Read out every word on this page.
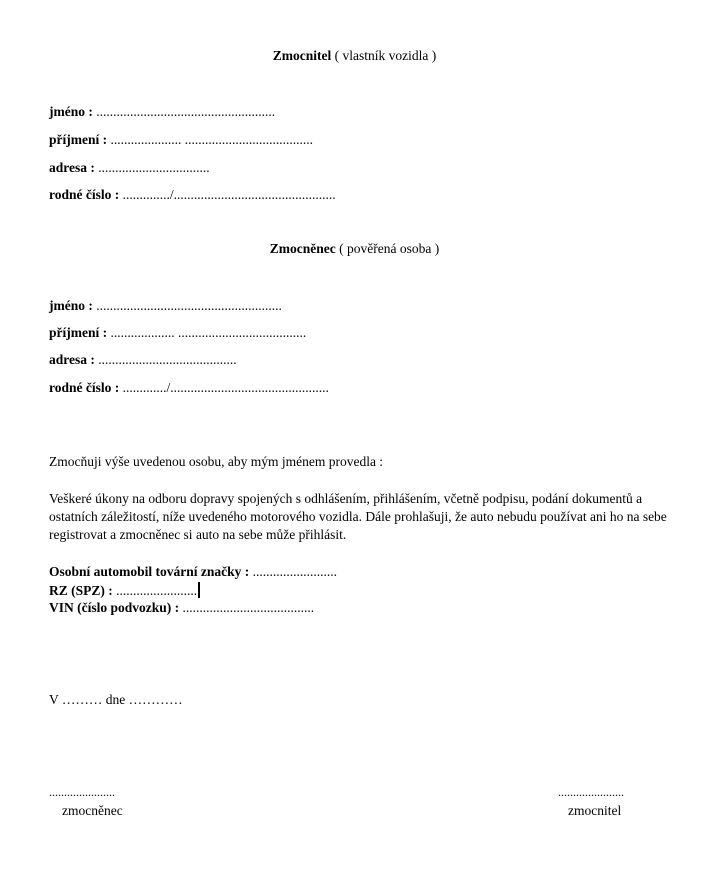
Zmocnitel ( vlastník vozidla )
jméno : .....................................................
příjmení : ..................... ......................................
adresa : .................................
rodné číslo : ............../................................................
Zmocněnec ( pověřená osoba )
jméno : .......................................................
příjmení : ................... ......................................
adresa : .........................................
rodné číslo : ............./...............................................
Zmocňuji výše uvedenou osobu, aby mým jménem provedla :
Veškeré úkony na odboru dopravy spojených s odhlášením, přihlášením, včetně podpisu, podání dokumentů a ostatních záležitostí, níže uvedeného motorového vozidla. Dále prohlašuji, že auto nebudu používat ani ho na sebe registrovat a zmocněnec si auto na sebe může přihlásit.
Osobní automobil tovární značky : .........................
RZ (SPZ) : ........................
VIN (číslo podvozku) : .......................................
V ……… dne …………
......................
zmocněnec
......................
zmocnitel
